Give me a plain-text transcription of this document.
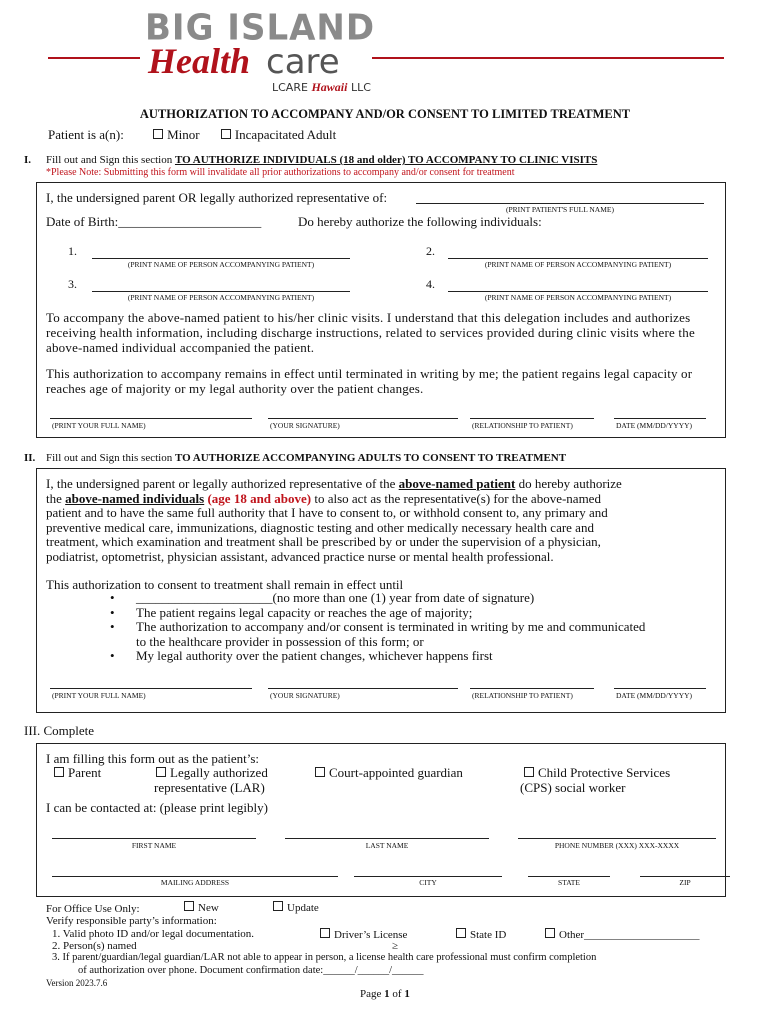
BIG ISLAND
Health care
LCARE Hawaii LLC
AUTHORIZATION TO ACCOMPANY AND/OR CONSENT TO LIMITED TREATMENT
Patient is a(n):	Minor	Incapacitated Adult
I. Fill out and Sign this section TO AUTHORIZE INDIVIDUALS (18 and older) TO ACCOMPANY TO CLINIC VISITS
*Please Note: Submitting this form will invalidate all prior authorizations to accompany and/or consent for treatment
I, the undersigned parent OR legally authorized representative of:
(PRINT PATIENT'S FULL NAME)
Date of Birth:______________________	Do hereby authorize the following individuals:
1.
(PRINT NAME OF PERSON ACCOMPANYING PATIENT)
2.
(PRINT NAME OF PERSON ACCOMPANYING PATIENT)
3.
(PRINT NAME OF PERSON ACCOMPANYING PATIENT)
4.
(PRINT NAME OF PERSON ACCOMPANYING PATIENT)
To accompany the above-named patient to his/her clinic visits. I understand that this delegation includes and authorizes receiving health information, including discharge instructions, related to services provided during clinic visits where the above-named individual accompanied the patient.
This authorization to accompany remains in effect until terminated in writing by me; the patient regains legal capacity or reaches age of majority or my legal authority over the patient changes.
(PRINT YOUR FULL NAME)	(YOUR SIGNATURE)	(RELATIONSHIP TO PATIENT)	DATE (MM/DD/YYYY)
II. Fill out and Sign this section TO AUTHORIZE ACCOMPANYING ADULTS TO CONSENT TO TREATMENT
I, the undersigned parent or legally authorized representative of the above-named patient do hereby authorize
the above-named individuals (age 18 and above) to also act as the representative(s) for the above-named
patient and to have the same full authority that I have to consent to, or withhold consent to, any primary and
preventive medical care, immunizations, diagnostic testing and other medically necessary health care and
treatment, which examination and treatment shall be prescribed by or under the supervision of a physician,
podiatrist, optometrist, physician assistant, advanced practice nurse or mental health professional.
This authorization to consent to treatment shall remain in effect until
• _____________________(no more than one (1) year from date of signature)
• The patient regains legal capacity or reaches the age of majority;
• The authorization to accompany and/or consent is terminated in writing by me and communicated
to the healthcare provider in possession of this form; or
• My legal authority over the patient changes, whichever happens first
(PRINT YOUR FULL NAME)	(YOUR SIGNATURE)	(RELATIONSHIP TO PATIENT)	DATE (MM/DD/YYYY)
III. Complete
I am filling this form out as the patient’s:
Parent	Legally authorized
representative (LAR)
Court-appointed guardian	Child Protective Services
(CPS) social worker
I can be contacted at: (please print legibly)
FIRST NAME	LAST NAME	PHONE NUMBER (XXX) XXX-XXXX
MAILING ADDRESS	CITY	STATE	ZIP
For Office Use Only:	New	Update
Verify responsible party’s information:
1. Valid photo ID and/or legal documentation.	Driver’s License	State ID	Other_____________________
2. Person(s) named	≥
3. If parent/guardian/legal guardian/LAR not able to appear in person, a license health care professional must confirm completion
of authorization over phone. Document confirmation date:______/______/______
Version 2023.7.6
Page 1 of 1
